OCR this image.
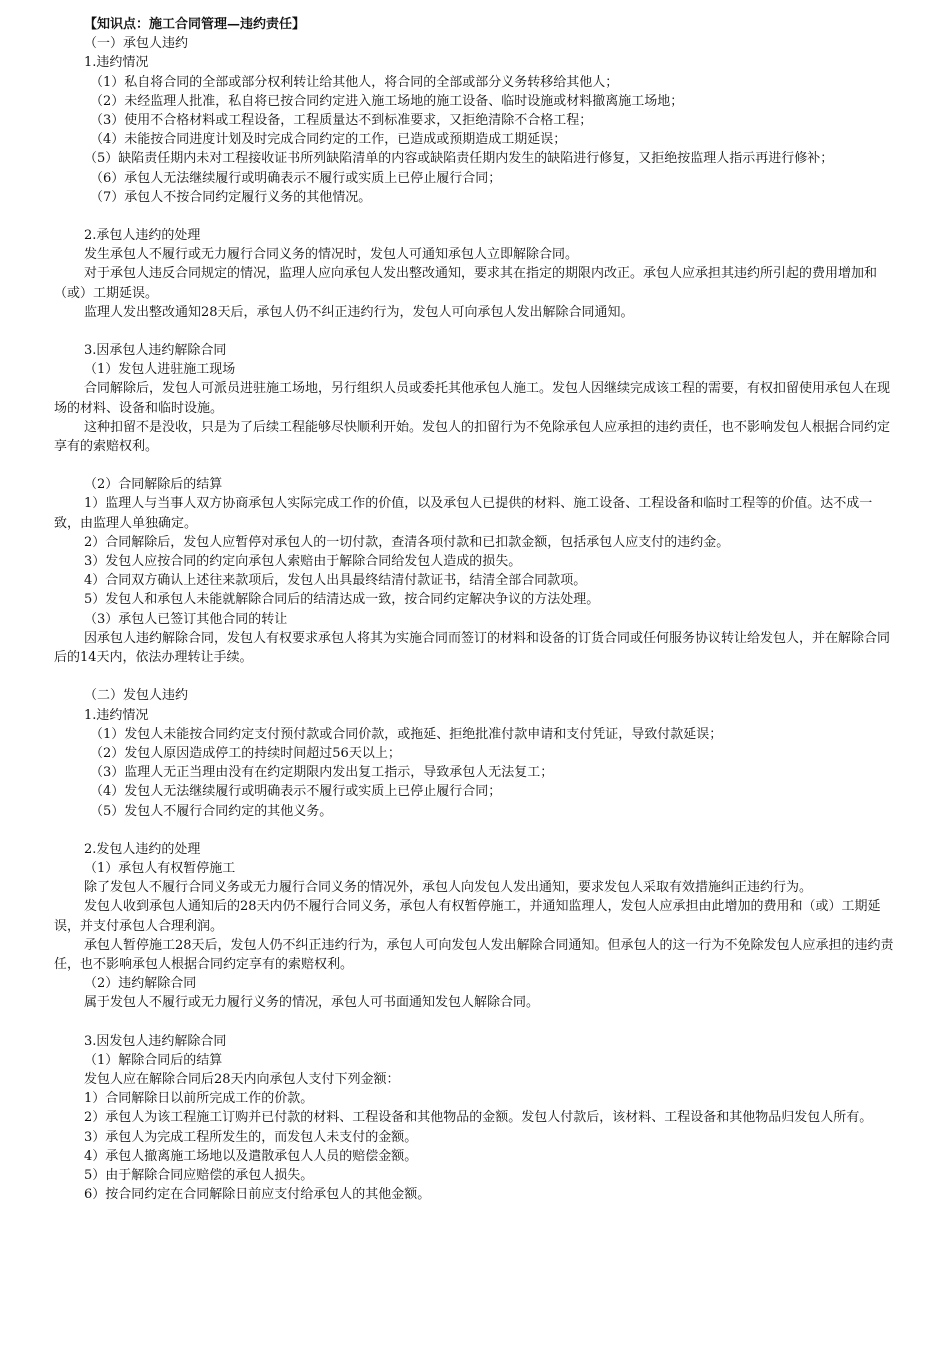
【知识点：施工合同管理—违约责任】

（一）承包人违约

1.违约情况

（1）私自将合同的全部或部分权利转让给其他人，将合同的全部或部分义务转移给其他人；

（2）未经监理人批准，私自将已按合同约定进入施工场地的施工设备、临时设施或材料撤离施工场地；

（3）使用不合格材料或工程设备，工程质量达不到标准要求，又拒绝清除不合格工程；

（4）未能按合同进度计划及时完成合同约定的工作，已造成或预期造成工期延误；

（5）缺陷责任期内未对工程接收证书所列缺陷清单的内容或缺陷责任期内发生的缺陷进行修复，又拒绝按监理人指示再进行修补；

（6）承包人无法继续履行或明确表示不履行或实质上已停止履行合同；

（7）承包人不按合同约定履行义务的其他情况。

2.承包人违约的处理

发生承包人不履行或无力履行合同义务的情况时，发包人可通知承包人立即解除合同。

对于承包人违反合同规定的情况，监理人应向承包人发出整改通知，要求其在指定的期限内改正。承包人应承担其违约所引起的费用增加和（或）工期延误。

监理人发出整改通知28天后，承包人仍不纠正违约行为，发包人可向承包人发出解除合同通知。

3.因承包人违约解除合同

（1）发包人进驻施工现场

合同解除后，发包人可派员进驻施工场地，另行组织人员或委托其他承包人施工。发包人因继续完成该工程的需要，有权扣留使用承包人在现场的材料、设备和临时设施。

这种扣留不是没收，只是为了后续工程能够尽快顺利开始。发包人的扣留行为不免除承包人应承担的违约责任，也不影响发包人根据合同约定享有的索赔权利。

（2）合同解除后的结算

1）监理人与当事人双方协商承包人实际完成工作的价值，以及承包人已提供的材料、施工设备、工程设备和临时工程等的价值。达不成一致，由监理人单独确定。

2）合同解除后，发包人应暂停对承包人的一切付款，查清各项付款和已扣款金额，包括承包人应支付的违约金。

3）发包人应按合同的约定向承包人索赔由于解除合同给发包人造成的损失。

4）合同双方确认上述往来款项后，发包人出具最终结清付款证书，结清全部合同款项。

5）发包人和承包人未能就解除合同后的结清达成一致，按合同约定解决争议的方法处理。

（3）承包人已签订其他合同的转让

因承包人违约解除合同，发包人有权要求承包人将其为实施合同而签订的材料和设备的订货合同或任何服务协议转让给发包人，并在解除合同后的14天内，依法办理转让手续。

（二）发包人违约

1.违约情况

（1）发包人未能按合同约定支付预付款或合同价款，或拖延、拒绝批准付款申请和支付凭证，导致付款延误；

（2）发包人原因造成停工的持续时间超过56天以上；

（3）监理人无正当理由没有在约定期限内发出复工指示，导致承包人无法复工；

（4）发包人无法继续履行或明确表示不履行或实质上已停止履行合同；

（5）发包人不履行合同约定的其他义务。

2.发包人违约的处理

（1）承包人有权暂停施工

除了发包人不履行合同义务或无力履行合同义务的情况外，承包人向发包人发出通知，要求发包人采取有效措施纠正违约行为。

发包人收到承包人通知后的28天内仍不履行合同义务，承包人有权暂停施工，并通知监理人，发包人应承担由此增加的费用和（或）工期延误，并支付承包人合理利润。

承包人暂停施工28天后，发包人仍不纠正违约行为，承包人可向发包人发出解除合同通知。但承包人的这一行为不免除发包人应承担的违约责任，也不影响承包人根据合同约定享有的索赔权利。

（2）违约解除合同

属于发包人不履行或无力履行义务的情况，承包人可书面通知发包人解除合同。

3.因发包人违约解除合同

（1）解除合同后的结算

发包人应在解除合同后28天内向承包人支付下列金额：

1）合同解除日以前所完成工作的价款。

2）承包人为该工程施工订购并已付款的材料、工程设备和其他物品的金额。发包人付款后，该材料、工程设备和其他物品归发包人所有。

3）承包人为完成工程所发生的，而发包人未支付的金额。

4）承包人撤离施工场地以及遣散承包人人员的赔偿金额。

5）由于解除合同应赔偿的承包人损失。

6）按合同约定在合同解除日前应支付给承包人的其他金额。
